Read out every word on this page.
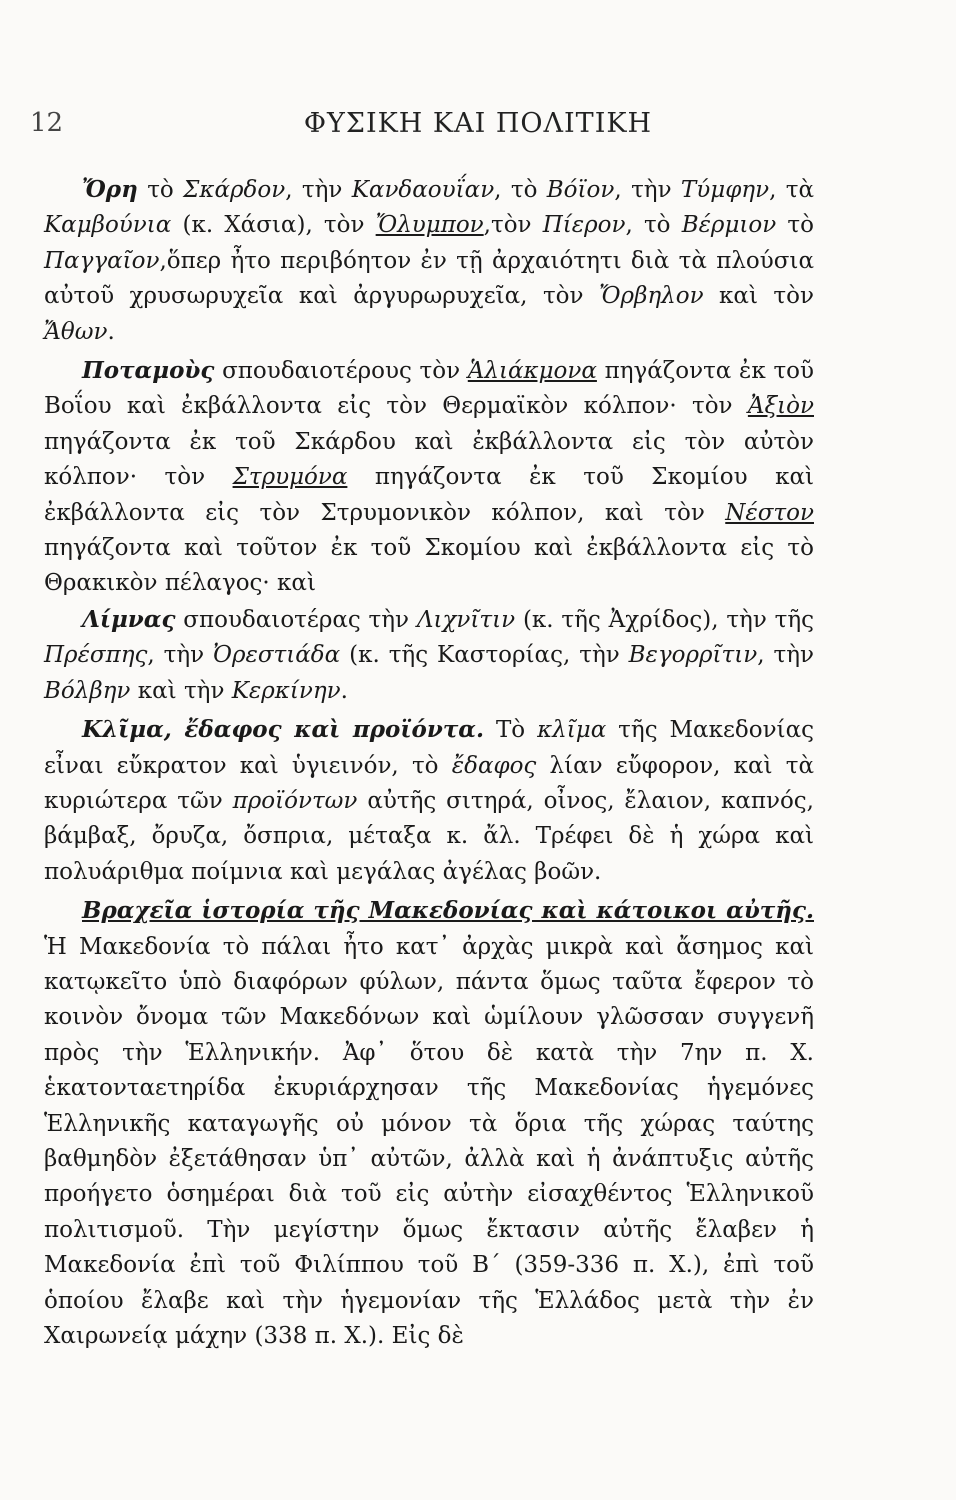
12	ΦΥΣΙΚΗ ΚΑΙ ΠΟΛΙΤΙΚΗ

Ὄρη τὸ Σκάρδον, τὴν Κανδαουΐαν, τὸ Βόϊον, τὴν Τύμφην, τὰ Καμβούνια (κ. Χάσια), τὸν Ὄλυμπον,τὸν Πίερον, τὸ Βέρμιον τὸ Παγγαῖον,ὅπερ ἦτο περιβόητον ἐν τῇ ἀρχαιότητι διὰ τὰ πλούσια αὐτοῦ χρυσωρυχεῖα καὶ ἀργυρωρυχεῖα, τὸν Ὄρβηλον καὶ τὸν Ἄθων.

Ποταμοὺς σπουδαιοτέρους τὸν Ἁλιάκμονα πηγάζοντα ἐκ τοῦ Βοΐου καὶ ἐκβάλλοντα εἰς τὸν Θερμαϊκὸν κόλπον· τὸν Ἀξιὸν πηγάζοντα ἐκ τοῦ Σκάρδου καὶ ἐκβάλλοντα εἰς τὸν αὐτὸν κόλπον· τὸν Στρυμόνα πηγάζοντα ἐκ τοῦ Σκομίου καὶ ἐκβάλλοντα εἰς τὸν Στρυμονικὸν κόλπον, καὶ τὸν Νέστον πηγάζοντα καὶ τοῦτον ἐκ τοῦ Σκομίου καὶ ἐκβάλλοντα εἰς τὸ Θρακικὸν πέλαγος· καὶ

Λίμνας σπουδαιοτέρας τὴν Λιχνῖτιν (κ. τῆς Ἀχρίδος), τὴν τῆς Πρέσπης, τὴν Ὀρεστιάδα (κ. τῆς Καστορίας, τὴν Βεγορρῖτιν, τὴν Βόλβην καὶ τὴν Κερκίνην.

Κλῖμα, ἔδαφος καὶ προϊόντα. Τὸ κλῖμα τῆς Μακεδονίας εἶναι εὔκρατον καὶ ὑγιεινόν, τὸ ἔδαφος λίαν εὔφορον, καὶ τὰ κυριώτερα τῶν προϊόντων αὐτῆς σιτηρά, οἶνος, ἔλαιον, καπνός, βάμβαξ, ὄρυζα, ὄσπρια, μέταξα κ. ἄλ. Τρέφει δὲ ἡ χώρα καὶ πολυάριθμα ποίμνια καὶ μεγάλας ἀγέλας βοῶν.

Βραχεῖα ἱστορία τῆς Μακεδονίας καὶ κάτοικοι αὐτῆς. Ἡ Μακεδονία τὸ πάλαι ἦτο κατ᾽ ἀρχὰς μικρὰ καὶ ἄσημος καὶ κατῳκεῖτο ὑπὸ διαφόρων φύλων, πάντα ὅμως ταῦτα ἔφερον τὸ κοινὸν ὄνομα τῶν Μακεδόνων καὶ ὡμίλουν γλῶσσαν συγγενῆ πρὸς τὴν Ἑλληνικήν. Ἀφ᾽ ὅτου δὲ κατὰ τὴν 7ην π. Χ. ἑκατονταετηρίδα ἐκυριάρχησαν τῆς Μακεδονίας ἡγεμόνες Ἑλληνικῆς καταγωγῆς οὐ μόνον τὰ ὅρια τῆς χώρας ταύτης βαθμηδὸν ἐξετάθησαν ὑπ᾽ αὐτῶν, ἀλλὰ καὶ ἡ ἀνάπτυξις αὐτῆς προήγετο ὁσημέραι διὰ τοῦ εἰς αὐτὴν εἰσαχθέντος Ἑλληνικοῦ πολιτισμοῦ. Τὴν μεγίστην ὅμως ἔκτασιν αὐτῆς ἔλαβεν ἡ Μακεδονία ἐπὶ τοῦ Φιλίππου τοῦ Β΄ (359-336 π. Χ.), ἐπὶ τοῦ ὁποίου ἔλαβε καὶ τὴν ἡγεμονίαν τῆς Ἑλλάδος μετὰ τὴν ἐν Χαιρωνείᾳ μάχην (338 π. Χ.). Εἰς δὲ
